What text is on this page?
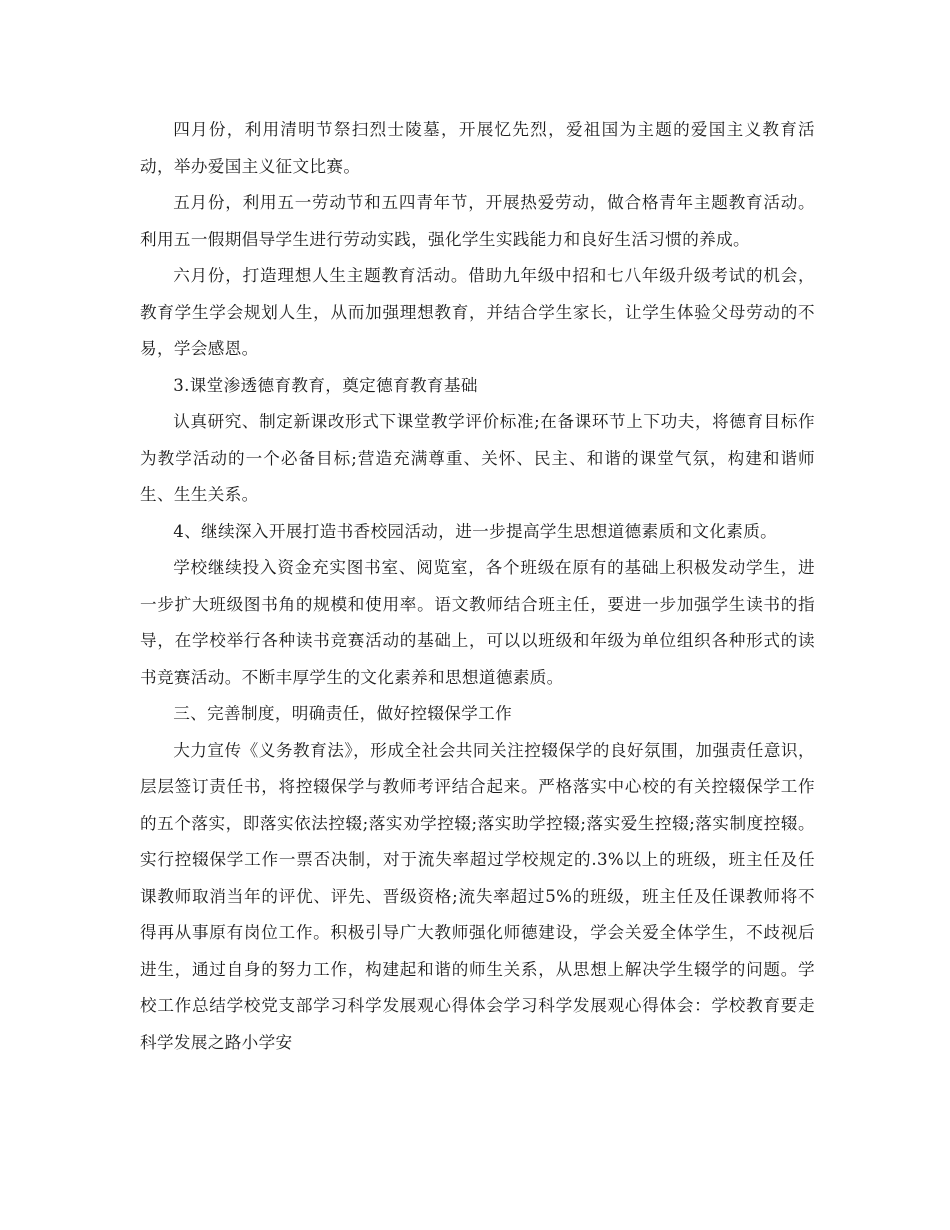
四月份，利用清明节祭扫烈士陵墓，开展忆先烈，爱祖国为主题的爱国主义教育活动，举办爱国主义征文比赛。

五月份，利用五一劳动节和五四青年节，开展热爱劳动，做合格青年主题教育活动。利用五一假期倡导学生进行劳动实践，强化学生实践能力和良好生活习惯的养成。

六月份，打造理想人生主题教育活动。借助九年级中招和七八年级升级考试的机会，教育学生学会规划人生，从而加强理想教育，并结合学生家长，让学生体验父母劳动的不易，学会感恩。

3.课堂渗透德育教育，奠定德育教育基础

认真研究、制定新课改形式下课堂教学评价标准;在备课环节上下功夫，将德育目标作为教学活动的一个必备目标;营造充满尊重、关怀、民主、和谐的课堂气氛，构建和谐师生、生生关系。

4、继续深入开展打造书香校园活动，进一步提高学生思想道德素质和文化素质。

学校继续投入资金充实图书室、阅览室，各个班级在原有的基础上积极发动学生，进一步扩大班级图书角的规模和使用率。语文教师结合班主任，要进一步加强学生读书的指导，在学校举行各种读书竞赛活动的基础上，可以以班级和年级为单位组织各种形式的读书竞赛活动。不断丰厚学生的文化素养和思想道德素质。

三、完善制度，明确责任，做好控辍保学工作

大力宣传《义务教育法》，形成全社会共同关注控辍保学的良好氛围，加强责任意识，层层签订责任书，将控辍保学与教师考评结合起来。严格落实中心校的有关控辍保学工作的五个落实，即落实依法控辍;落实劝学控辍;落实助学控辍;落实爱生控辍;落实制度控辍。实行控辍保学工作一票否决制，对于流失率超过学校规定的.3%以上的班级，班主任及任课教师取消当年的评优、评先、晋级资格;流失率超过5%的班级，班主任及任课教师将不得再从事原有岗位工作。积极引导广大教师强化师德建设，学会关爱全体学生，不歧视后进生，通过自身的努力工作，构建起和谐的师生关系，从思想上解决学生辍学的问题。学校工作总结学校党支部学习科学发展观心得体会学习科学发展观心得体会：学校教育要走科学发展之路小学安
